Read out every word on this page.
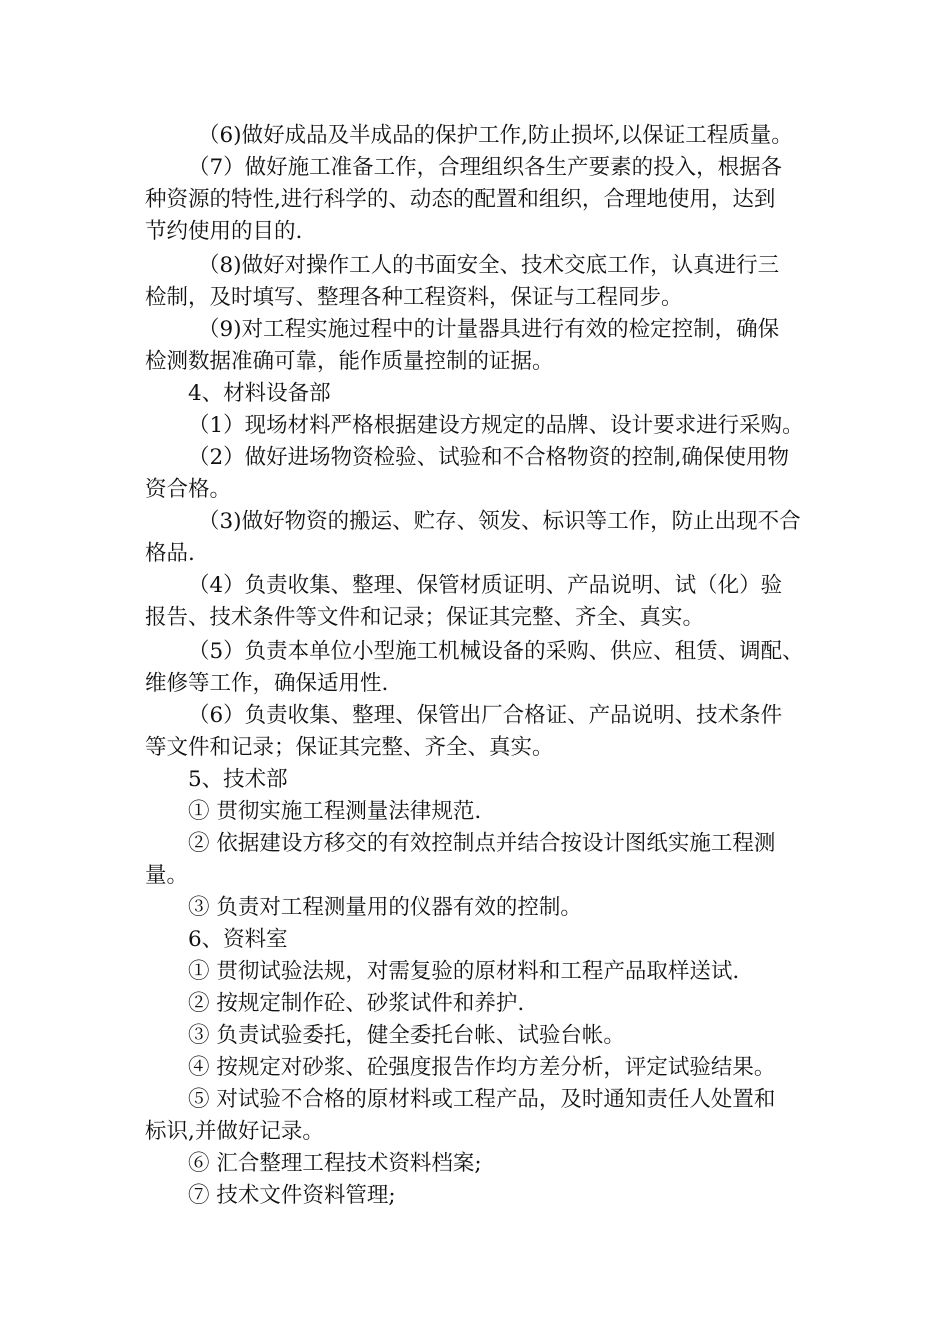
（6)做好成品及半成品的保护工作,防止损坏,以保证工程质量。
（7）做好施工准备工作，合理组织各生产要素的投入，根据各
种资源的特性,进行科学的、动态的配置和组织，合理地使用，达到
节约使用的目的.
（8)做好对操作工人的书面安全、技术交底工作，认真进行三
检制，及时填写、整理各种工程资料，保证与工程同步。
（9)对工程实施过程中的计量器具进行有效的检定控制，确保
检测数据准确可靠，能作质量控制的证据。
4、材料设备部
（1）现场材料严格根据建设方规定的品牌、设计要求进行采购。
（2）做好进场物资检验、试验和不合格物资的控制,确保使用物
资合格。
（3)做好物资的搬运、贮存、领发、标识等工作，防止出现不合
格品.
（4）负责收集、整理、保管材质证明、产品说明、试（化）验
报告、技术条件等文件和记录；保证其完整、齐全、真实。
（5）负责本单位小型施工机械设备的采购、供应、租赁、调配、
维修等工作，确保适用性.
（6）负责收集、整理、保管出厂合格证、产品说明、技术条件
等文件和记录；保证其完整、齐全、真实。
5、技术部
① 贯彻实施工程测量法律规范.
② 依据建设方移交的有效控制点并结合按设计图纸实施工程测
量。
③ 负责对工程测量用的仪器有效的控制。
6、资料室
① 贯彻试验法规，对需复验的原材料和工程产品取样送试.
② 按规定制作砼、砂浆试件和养护.
③ 负责试验委托，健全委托台帐、试验台帐。
④ 按规定对砂浆、砼强度报告作均方差分析，评定试验结果。
⑤ 对试验不合格的原材料或工程产品，及时通知责任人处置和
标识,并做好记录。
⑥ 汇合整理工程技术资料档案;
⑦ 技术文件资料管理;
